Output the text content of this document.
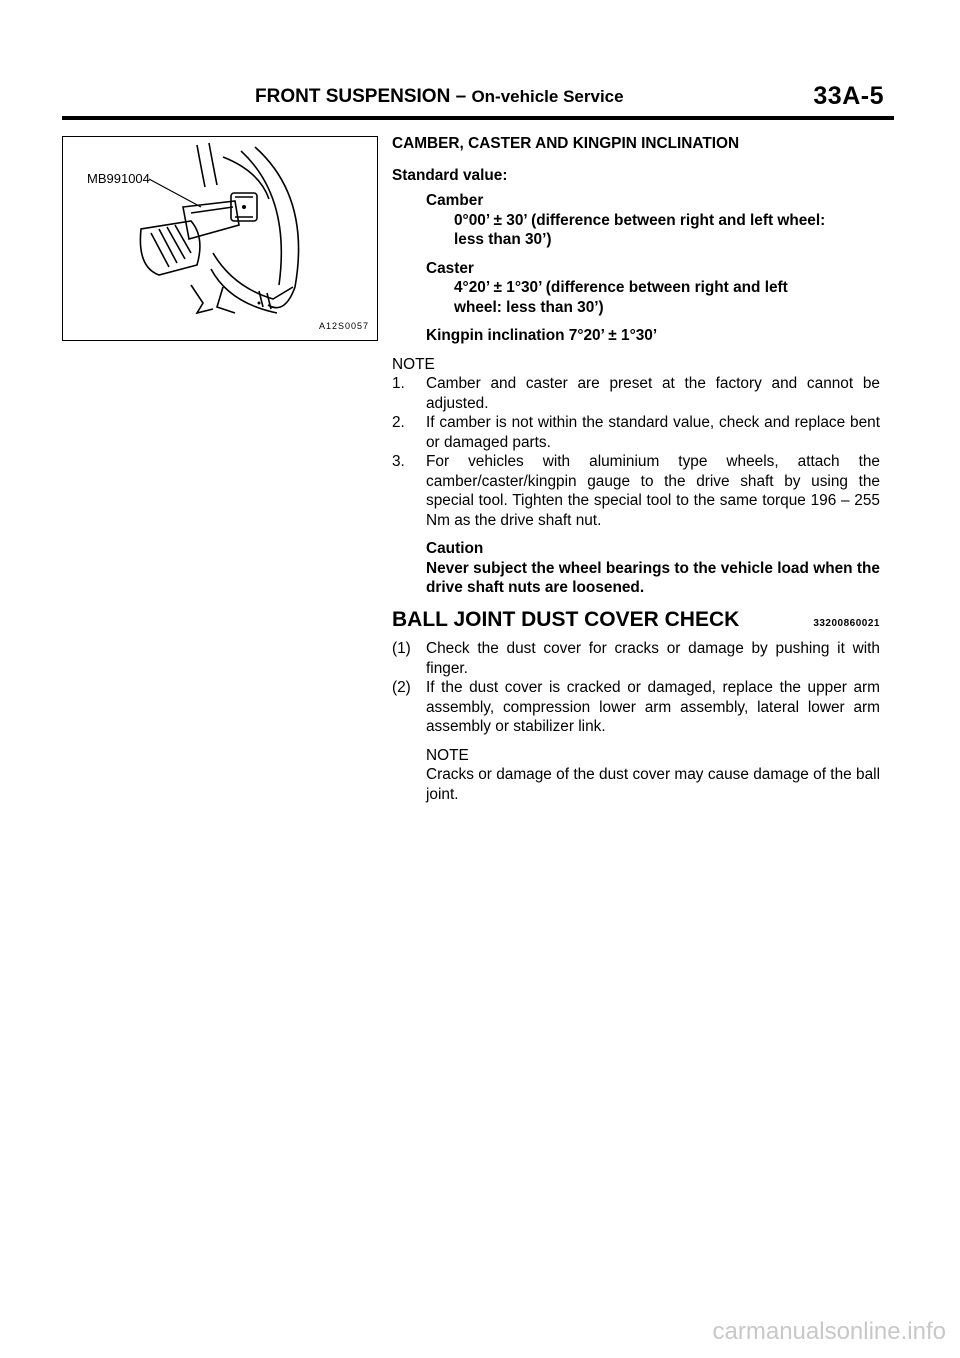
FRONT SUSPENSION – On-vehicle Service	33A-5
MB991004
A12S0057

CAMBER, CASTER AND KINGPIN INCLINATION

Standard value:

Camber

0°00’ ± 30’ (difference between right and left wheel:

less than 30’)

Caster

4°20’ ± 1°30’ (difference between right and left

wheel: less than 30’)

Kingpin inclination 7°20’ ± 1°30’

NOTE

1.	Camber and caster are preset at the factory and cannot be adjusted.
2.	If camber is not within the standard value, check and replace bent or damaged parts.
3.	For vehicles with aluminium type wheels, attach the camber/caster/kingpin gauge to the drive shaft by using the special tool. Tighten the special tool to the same torque 196 – 255 Nm as the drive shaft nut.

Caution

Never subject the wheel bearings to the vehicle load when the drive shaft nuts are loosened.

BALL JOINT DUST COVER CHECK	33200860021
(1) Check the dust cover for cracks or damage by pushing it with finger.
(2) If the dust cover is cracked or damaged, replace the upper arm assembly, compression lower arm assembly, lateral lower arm assembly or stabilizer link.

NOTE

Cracks or damage of the dust cover may cause damage of the ball joint.

carmanualsonline.info
